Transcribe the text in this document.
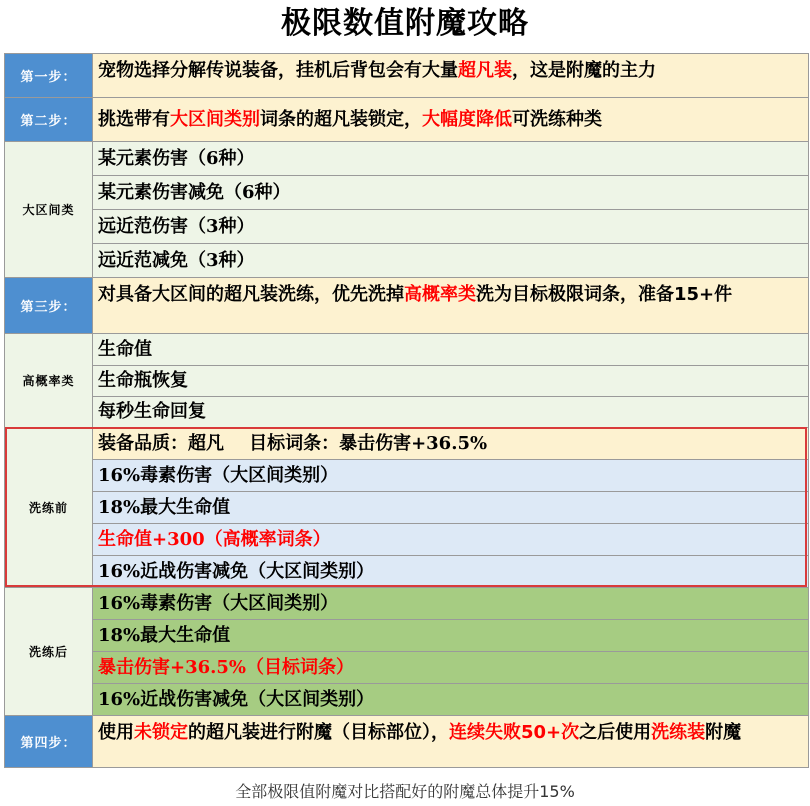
极限数值附魔攻略
第一步：	宠物选择分解传说装备，挂机后背包会有大量超凡装，这是附魔的主力
第二步：	挑选带有 大区间类别 词条的超凡装锁定， 大幅度降低 可洗练种类
大区间类
某元素伤害（6种）
某元素伤害减免（6种）
远近范伤害（3种）
远近范减免（3种）
第三步：
对具备大区间的超凡装洗练，优先洗掉高概率类洗为目标极限词条，准备15+件
高概率类
生命值
生命瓶恢复
每秒生命回复
洗练前
装备品质：超凡    目标词条：暴击伤害+36.5%
16%毒素伤害（大区间类别）
18%最大生命值
生命值+300（高概率词条）
16%近战伤害减免（大区间类别）
洗练后
16%毒素伤害（大区间类别）
18%最大生命值
暴击伤害+36.5%（目标词条）
16%近战伤害减免（大区间类别）
第四步：
使用未锁定的超凡装进行附魔（目标部位），连续失败50+次之后使用洗练装附魔
全部极限值附魔对比搭配好的附魔总体提升15%
